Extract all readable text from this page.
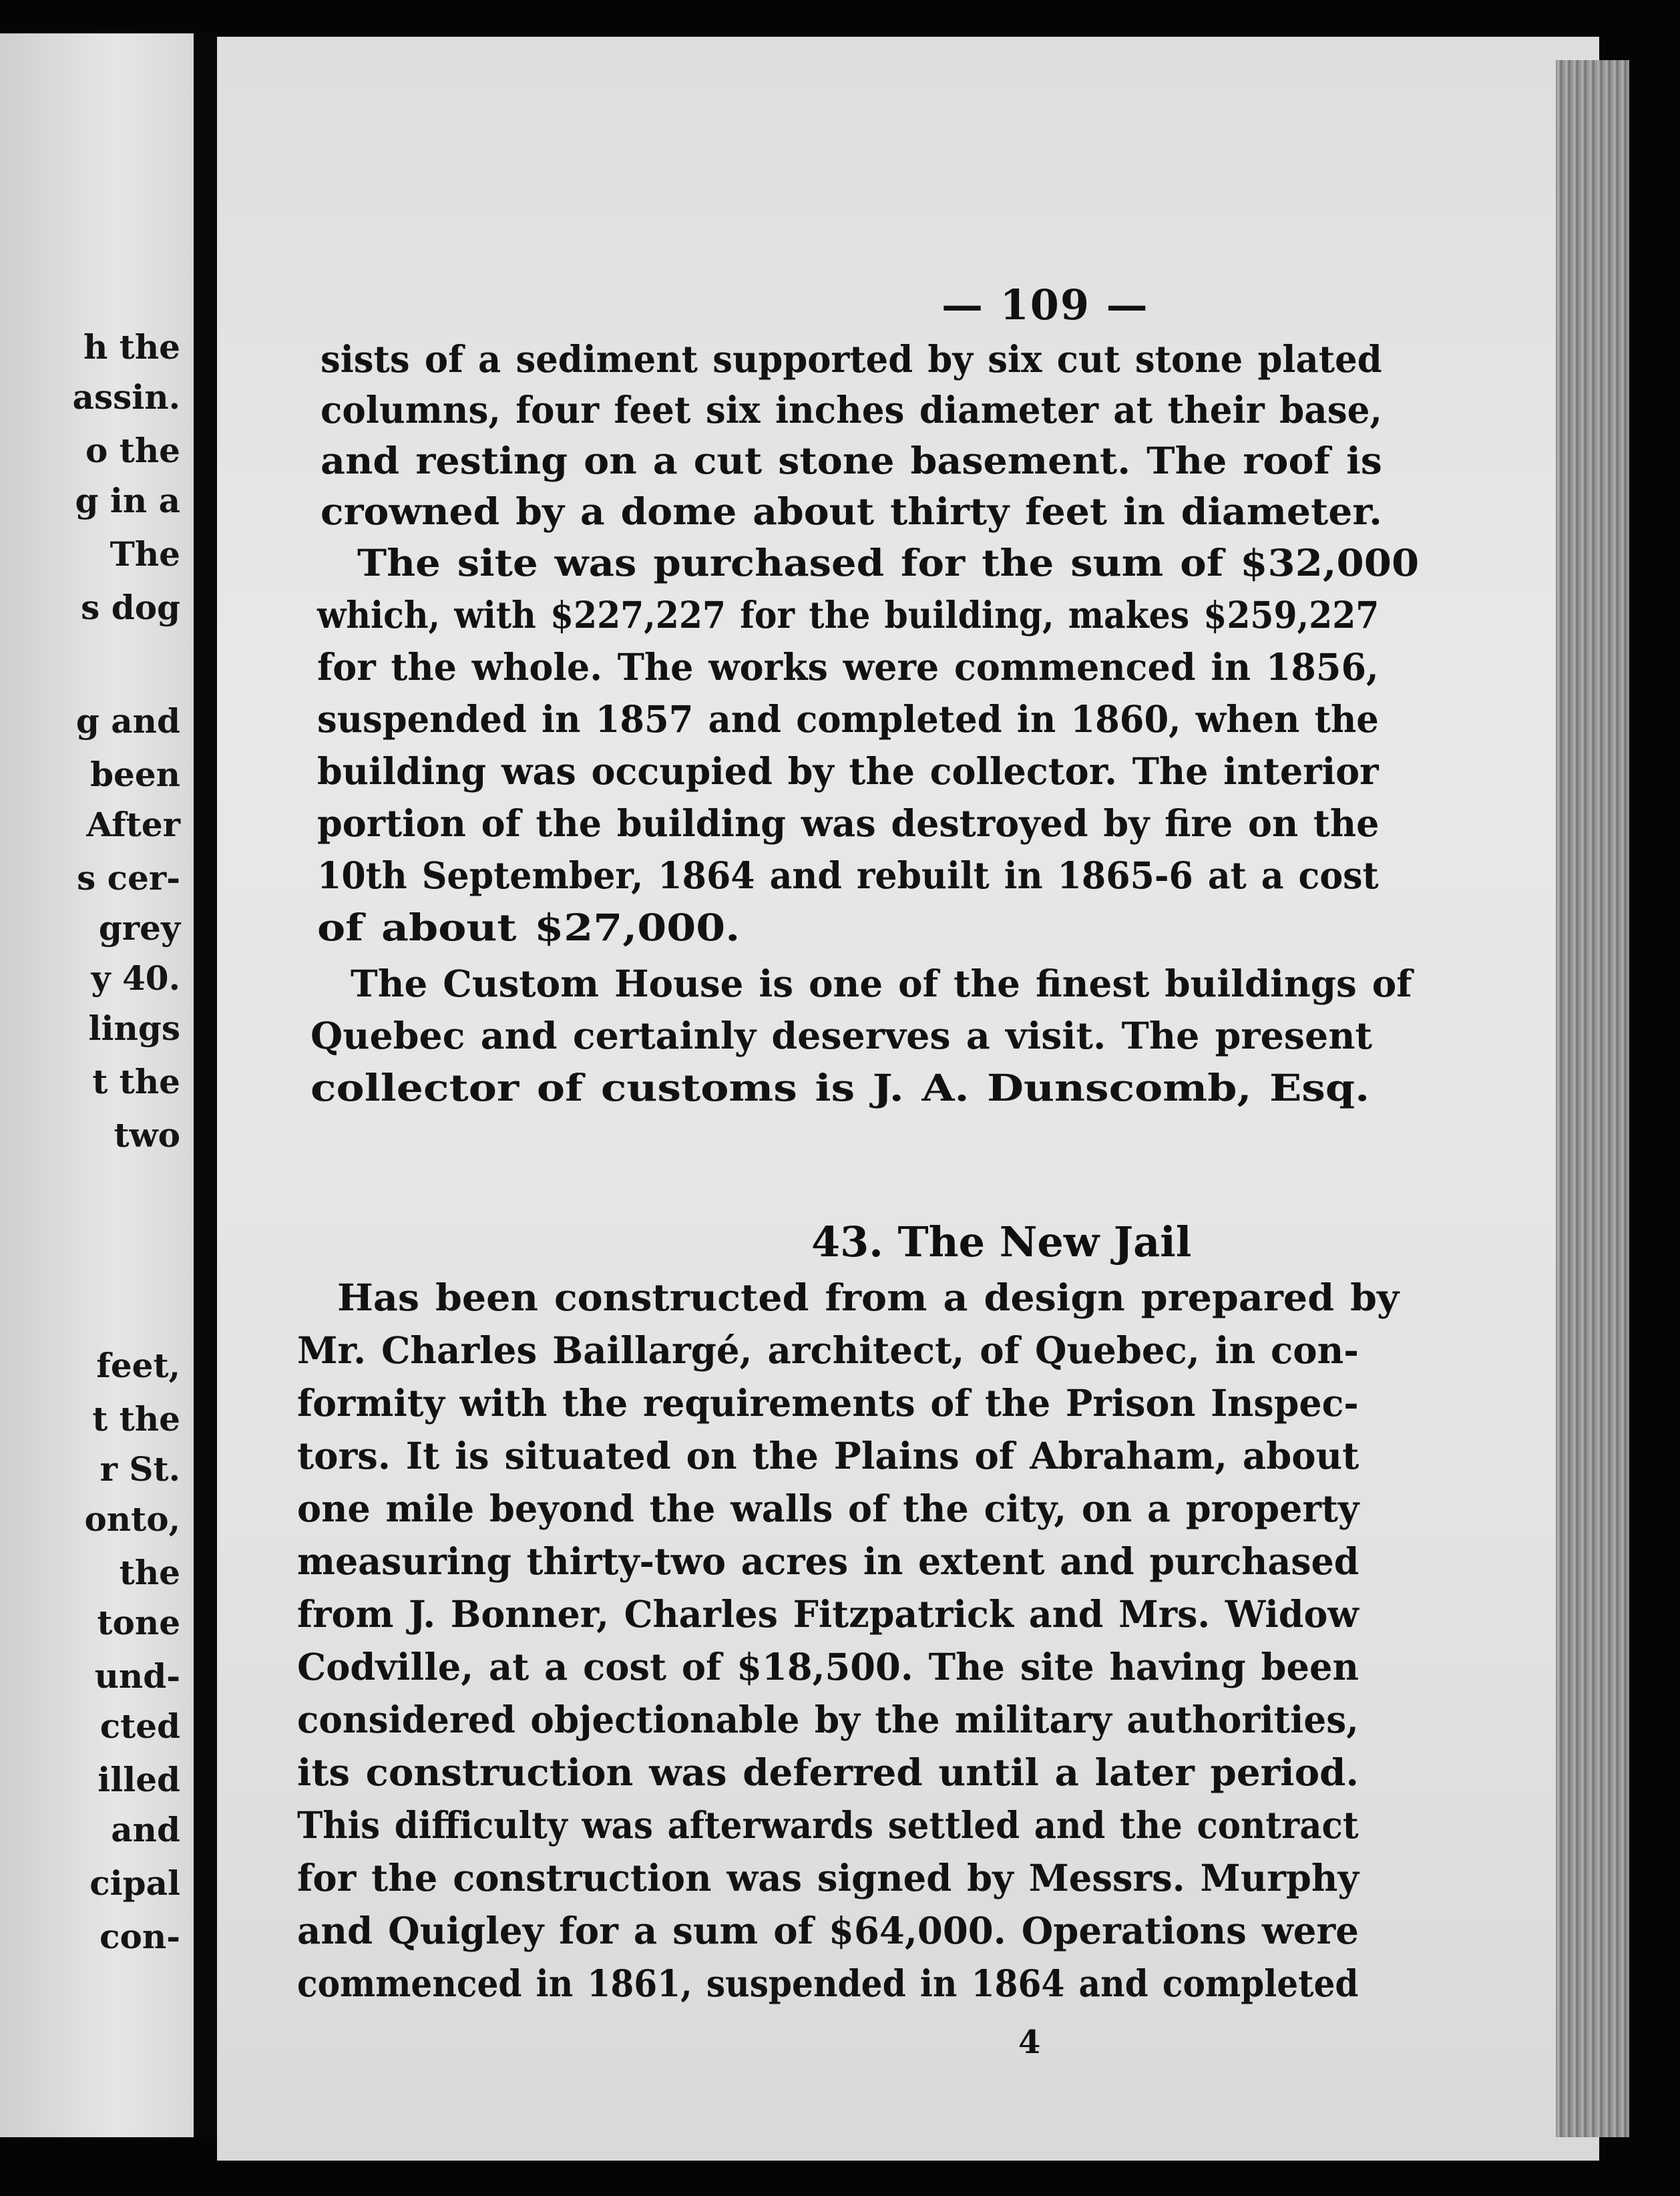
h the
assin.
o the
g in a
The
s dog
g and
been
After
s cer-
grey
y 40.
lings
t the
two
feet,
t the
r St.
onto,
the
tone
und-
cted
illed
and
cipal
con-
— 109 —
sists of a sediment supported by six cut stone plated
columns, four feet six inches diameter at their base,
and resting on a cut stone basement. The roof is
crowned by a dome about thirty feet in diameter.
The site was purchased for the sum of $32,000
which, with $227,227 for the building, makes $259,227
for the whole. The works were commenced in 1856,
suspended in 1857 and completed in 1860, when the
building was occupied by the collector. The interior
portion of the building was destroyed by fire on the
10th September, 1864 and rebuilt in 1865-6 at a cost
of about $27,000.
The Custom House is one of the finest buildings of
Quebec and certainly deserves a visit. The present
collector of customs is J. A. Dunscomb, Esq.
43. The New Jail
Has been constructed from a design prepared by
Mr. Charles Baillargé, architect, of Quebec, in con-
formity with the requirements of the Prison Inspec-
tors. It is situated on the Plains of Abraham, about
one mile beyond the walls of the city, on a property
measuring thirty-two acres in extent and purchased
from J. Bonner, Charles Fitzpatrick and Mrs. Widow
Codville, at a cost of $18,500. The site having been
considered objectionable by the military authorities,
its construction was deferred until a later period.
This difficulty was afterwards settled and the contract
for the construction was signed by Messrs. Murphy
and Quigley for a sum of $64,000. Operations were
commenced in 1861, suspended in 1864 and completed
4
